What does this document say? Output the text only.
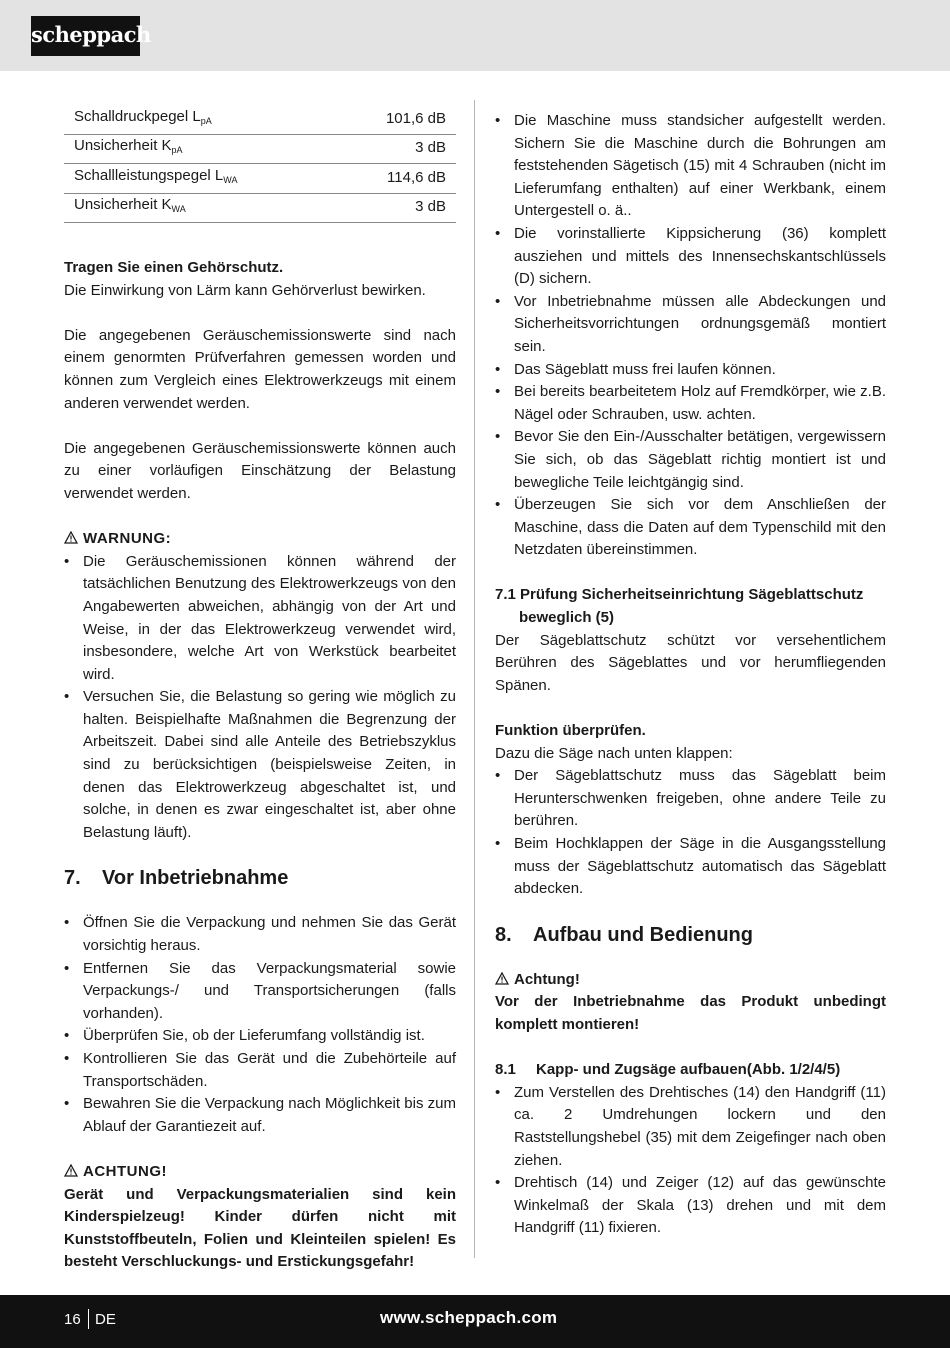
scheppach
Schalldruckpegel $L_{pA}$	101,6 dB
Unsicherheit $K_{pA}$	3 dB
Schallleistungspegel $L_{WA}$	114,6 dB
Unsicherheit $K_{WA}$	3 dB

Tragen Sie einen Gehörschutz.

Die Einwirkung von Lärm kann Gehörverlust bewirken.

Die angegebenen Geräuschemissionswerte sind nach einem genormten Prüfverfahren gemessen worden und können zum Vergleich eines Elektrowerkzeugs mit einem anderen verwendet werden.

Die angegebenen Geräuschemissionswerte können auch zu einer vorläufigen Einschätzung der Belastung verwendet werden.

WARNUNG:

• Die Geräuschemissionen können während der tatsächlichen Benutzung des Elektrowerkzeugs von den Angabewerten abweichen, abhängig von der Art und Weise, in der das Elektrowerkzeug verwendet wird, insbesondere, welche Art von Werkstück bearbeitet wird.
• Versuchen Sie, die Belastung so gering wie möglich zu halten. Beispielhafte Maßnahmen die Begrenzung der Arbeitszeit. Dabei sind alle Anteile des Betriebszyklus sind zu berücksichtigen (beispielsweise Zeiten, in denen das Elektrowerkzeug abgeschaltet ist, und solche, in denen es zwar eingeschaltet ist, aber ohne Belastung läuft).
7. Vor Inbetriebnahme
• Öffnen Sie die Verpackung und nehmen Sie das Gerät vorsichtig heraus.
• Entfernen Sie das Verpackungsmaterial sowie Verpackungs-/ und Transportsicherungen (falls vorhanden).
• Überprüfen Sie, ob der Lieferumfang vollständig ist.
• Kontrollieren Sie das Gerät und die Zubehörteile auf Transportschäden.
• Bewahren Sie die Verpackung nach Möglichkeit bis zum Ablauf der Garantiezeit auf.

ACHTUNG!

Gerät und Verpackungsmaterialien sind kein Kinderspielzeug! Kinder dürfen nicht mit Kunststoffbeuteln, Folien und Kleinteilen spielen! Es besteht Verschluckungs- und Erstickungsgefahr!

• Die Maschine muss standsicher aufgestellt werden. Sichern Sie die Maschine durch die Bohrungen am feststehenden Sägetisch (15) mit 4 Schrauben (nicht im Lieferumfang enthalten) auf einer Werkbank, einem Untergestell o. ä..
• Die vorinstallierte Kippsicherung (36) komplett ausziehen und mittels des Innensechskantschlüssels (D) sichern.
• Vor Inbetriebnahme müssen alle Abdeckungen und Sicherheitsvorrichtungen ordnungsgemäß montiert sein.
• Das Sägeblatt muss frei laufen können.
• Bei bereits bearbeitetem Holz auf Fremdkörper, wie z.B. Nägel oder Schrauben, usw. achten.
• Bevor Sie den Ein-/Ausschalter betätigen, vergewissern Sie sich, ob das Sägeblatt richtig montiert ist und bewegliche Teile leichtgängig sind.
• Überzeugen Sie sich vor dem Anschließen der Maschine, dass die Daten auf dem Typenschild mit den Netzdaten übereinstimmen.

7.1 Prüfung Sicherheitseinrichtung Sägeblattschutz

beweglich (5)

Der Sägeblattschutz schützt vor versehentlichem Berühren des Sägeblattes und vor herumfliegenden Spänen.

Funktion überprüfen.

Dazu die Säge nach unten klappen:

• Der Sägeblattschutz muss das Sägeblatt beim Herunterschwenken freigeben, ohne andere Teile zu berühren.
• Beim Hochklappen der Säge in die Ausgangsstellung muss der Sägeblattschutz automatisch das Sägeblatt abdecken.
8. Aufbau und Bedienung

Achtung!

Vor der Inbetriebnahme das Produkt unbedingt komplett montieren!

8.1 Kapp- und Zugsäge aufbauen(Abb. 1/2/4/5)

• Zum Verstellen des Drehtisches (14) den Handgriff (11) ca. 2 Umdrehungen lockern und den Raststellungshebel (35) mit dem Zeigefinger nach oben ziehen.
• Drehtisch (14) und Zeiger (12) auf das gewünschte Winkelmaß der Skala (13) drehen und mit dem Handgriff (11) fixieren.
16 DE	www.scheppach.com
